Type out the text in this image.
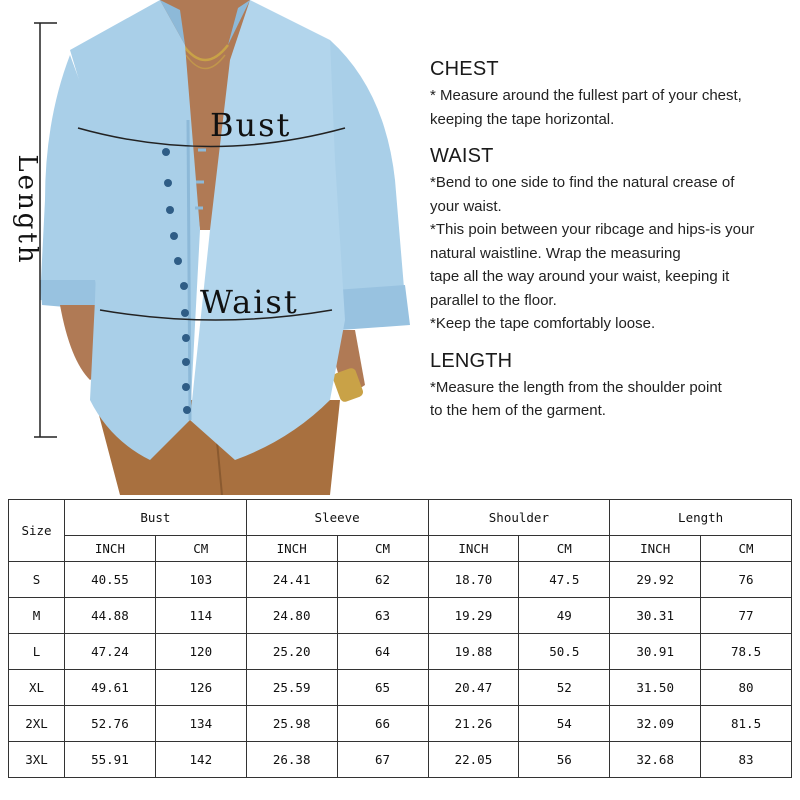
Bust
Waist
Length
CHEST
* Measure around the fullest part of your chest,
keeping the tape horizontal.
WAIST
*Bend to one side to find the natural crease of
your waist.
*This poin between your ribcage and hips-is your
natural waistline. Wrap the measuring
tape all the way around your waist, keeping it
parallel to the floor.
*Keep the tape comfortably loose.
LENGTH
*Measure the length from the shoulder point
to the hem of the garment.
Size	Bust		Sleeve		Shoulder		Length	
	INCH	CM	INCH	CM	INCH	CM	INCH	CM
S	40.55	103	24.41	62	18.70	47.5	29.92	76
M	44.88	114	24.80	63	19.29	49	30.31	77
L	47.24	120	25.20	64	19.88	50.5	30.91	78.5
XL	49.61	126	25.59	65	20.47	52	31.50	80
2XL	52.76	134	25.98	66	21.26	54	32.09	81.5
3XL	55.91	142	26.38	67	22.05	56	32.68	83
